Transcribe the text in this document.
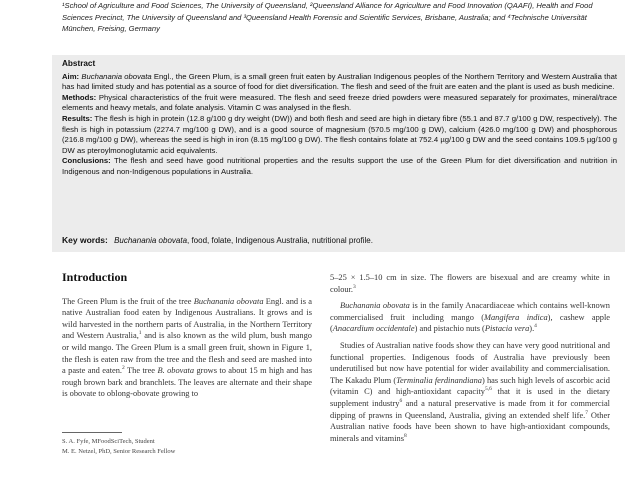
¹School of Agriculture and Food Sciences, The University of Queensland, ²Queensland Alliance for Agriculture and Food Innovation (QAAFI), Health and Food Sciences Precinct, The University of Queensland and ³Queensland Health Forensic and Scientific Services, Brisbane, Australia; and ⁴Technische Universität München, Freising, Germany

Abstract

Aim: Buchanania obovata Engl., the Green Plum, is a small green fruit eaten by Australian Indigenous peoples of the Northern Territory and Western Australia that has had limited study and has potential as a source of food for diet diversification. The flesh and seed of the fruit are eaten and the plant is used as bush medicine.

Methods: Physical characteristics of the fruit were measured. The flesh and seed freeze dried powders were measured separately for proximates, mineral/trace elements and heavy metals, and folate analysis. Vitamin C was analysed in the flesh.

Results: The flesh is high in protein (12.8 g/100 g dry weight (DW)) and both flesh and seed are high in dietary fibre (55.1 and 87.7 g/100 g DW, respectively). The flesh is high in potassium (2274.7 mg/100 g DW), and is a good source of magnesium (570.5 mg/100 g DW), calcium (426.0 mg/100 g DW) and phosphorous (216.8 mg/100 g DW), whereas the seed is high in iron (8.15 mg/100 g DW). The flesh contains folate at 752.4 µg/100 g DW and the seed contains 109.5 µg/100 g DW as pteroylmonoglutamic acid equivalents.

Conclusions: The flesh and seed have good nutritional properties and the results support the use of the Green Plum for diet diversification and nutrition in Indigenous and non-Indigenous populations in Australia.

Key words: Buchanania obovata, food, folate, Indigenous Australia, nutritional profile.
Introduction

The Green Plum is the fruit of the tree Buchanania obovata Engl. and is a native Australian food eaten by Indigenous Australians. It grows and is wild harvested in the northern parts of Australia, in the Northern Territory and Western Australia,$^1$ and is also known as the wild plum, bush mango or wild mango. The Green Plum is a small green fruit, shown in Figure 1, the flesh is eaten raw from the tree and the flesh and seed are mashed into a paste and eaten.$^2$ The tree B. obovata grows to about 15 m high and has rough brown bark and branchlets. The leaves are alternate and their shape is obovate to oblong-obovate growing to

5–25 × 1.5–10 cm in size. The flowers are bisexual and are creamy white in colour.$^3$

Buchanania obovata is in the family Anacardiaceae which contains well-known commercialised fruit including mango (Mangifera indica), cashew apple (Anacardium occidentale) and pistachio nuts (Pistacia vera).$^4$

Studies of Australian native foods show they can have very good nutritional and functional properties. Indigenous foods of Australia have previously been underutilised but now have potential for wider availability and commercialisation. The Kakadu Plum (Terminalia ferdinandiana) has such high levels of ascorbic acid (vitamin C) and high-antioxidant capacity$^{5,6}$ that it is used in the dietary supplement industry$^6$ and a natural preservative is made from it for commercial dipping of prawns in Queensland, Australia, giving an extended shelf life.$^7$ Other Australian native foods have been shown to have high-antioxidant compounds, minerals and vitamins$^8$

S. A. Fyfe, MFoodSciTech, Student
M. E. Netzel, PhD, Senior Research Fellow
